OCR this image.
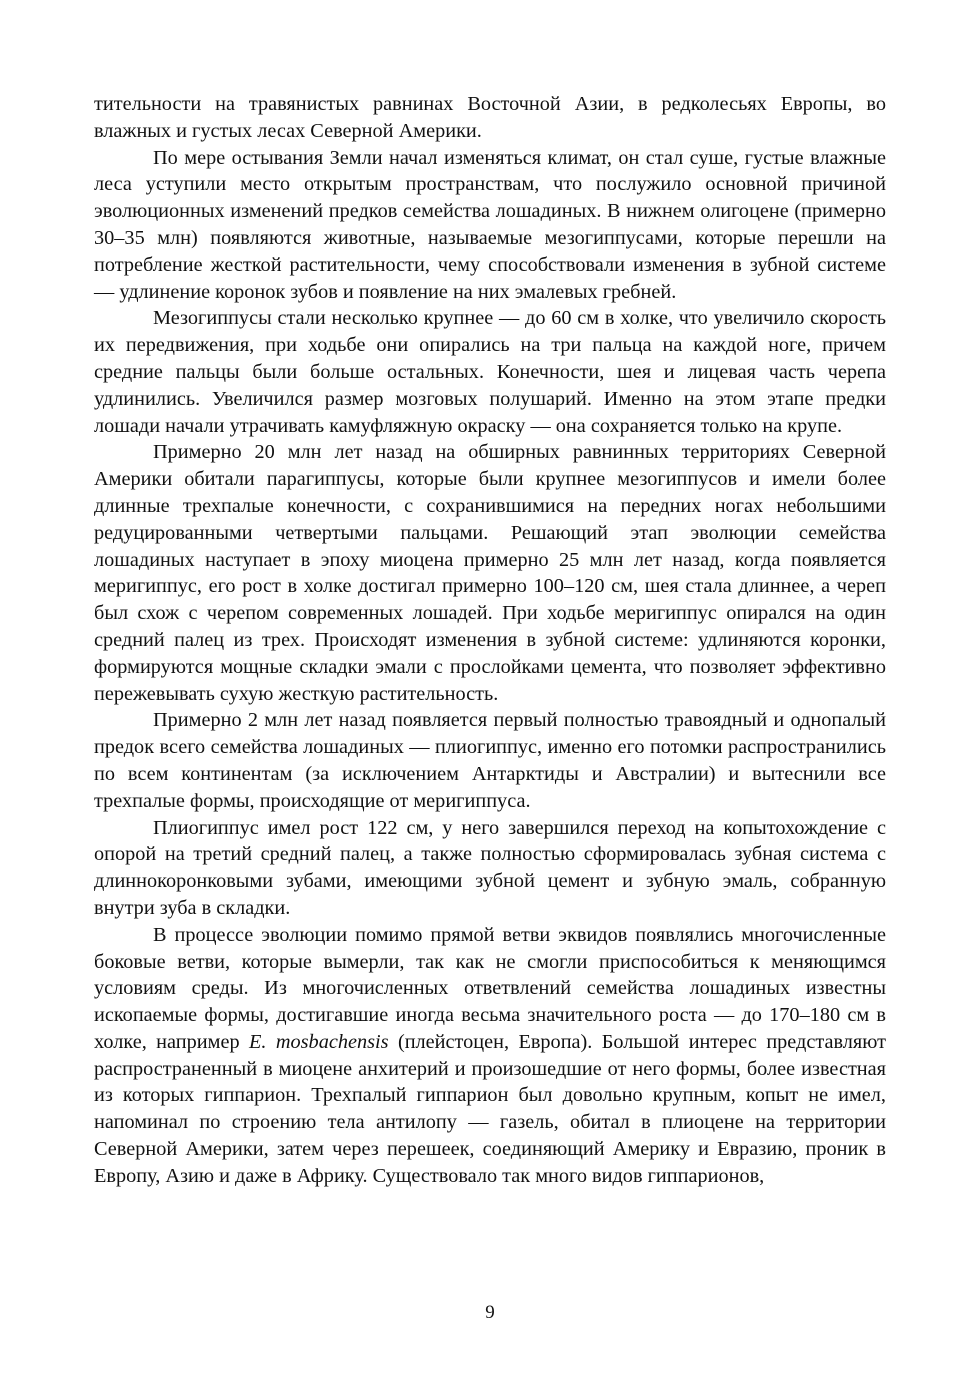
тительности на травянистых равнинах Восточной Азии, в редколесьях Европы, во влажных и густых лесах Северной Америки.

По мере остывания Земли начал изменяться климат, он стал суше, густые влажные леса уступили место открытым пространствам, что послужило основной причиной эволюционных изменений предков семейства лошадиных. В нижнем олигоцене (примерно 30–35 млн) появляются животные, называемые мезогиппусами, которые перешли на потребление жесткой растительности, чему способствовали изменения в зубной системе — удлинение коронок зубов и появление на них эмалевых гребней.

Мезогиппусы стали несколько крупнее — до 60 см в холке, что увеличило скорость их передвижения, при ходьбе они опирались на три пальца на каждой ноге, причем средние пальцы были больше остальных. Конечности, шея и лицевая часть черепа удлинились. Увеличился размер мозговых полушарий. Именно на этом этапе предки лошади начали утрачивать камуфляжную окраску — она сохраняется только на крупе.

Примерно 20 млн лет назад на обширных равнинных территориях Северной Америки обитали парагиппусы, которые были крупнее мезогиппусов и имели более длинные трехпалые конечности, с сохранившимися на передних ногах небольшими редуцированными четвертыми пальцами. Решающий этап эволюции семейства лошадиных наступает в эпоху миоцена примерно 25 млн лет назад, когда появляется меригиппус, его рост в холке достигал примерно 100–120 см, шея стала длиннее, а череп был схож с черепом современных лошадей. При ходьбе меригиппус опирался на один средний палец из трех. Происходят изменения в зубной системе: удлиняются коронки, формируются мощные складки эмали с прослойками цемента, что позволяет эффективно пережевывать сухую жесткую растительность.

Примерно 2 млн лет назад появляется первый полностью травоядный и однопалый предок всего семейства лошадиных — плиогиппус, именно его потомки распространились по всем континентам (за исключением Антарктиды и Австралии) и вытеснили все трехпалые формы, происходящие от меригиппуса.

Плиогиппус имел рост 122 см, у него завершился переход на копытохождение с опорой на третий средний палец, а также полностью сформировалась зубная система с длиннокоронковыми зубами, имеющими зубной цемент и зубную эмаль, собранную внутри зуба в складки.

В процессе эволюции помимо прямой ветви эквидов появлялись многочисленные боковые ветви, которые вымерли, так как не смогли приспособиться к меняющимся условиям среды. Из многочисленных ответвлений семейства лошадиных известны ископаемые формы, достигавшие иногда весьма значительного роста — до 170–180 см в холке, например E. mosbachensis (плейстоцен, Европа). Большой интерес представляют распространенный в миоцене анхитерий и произошедшие от него формы, более известная из которых гиппарион. Трехпалый гиппарион был довольно крупным, копыт не имел, напоминал по строению тела антилопу — газель, обитал в плиоцене на территории Северной Америки, затем через перешеек, соединяющий Америку и Евразию, проник в Европу, Азию и даже в Африку. Существовало так много видов гиппарионов,

9
